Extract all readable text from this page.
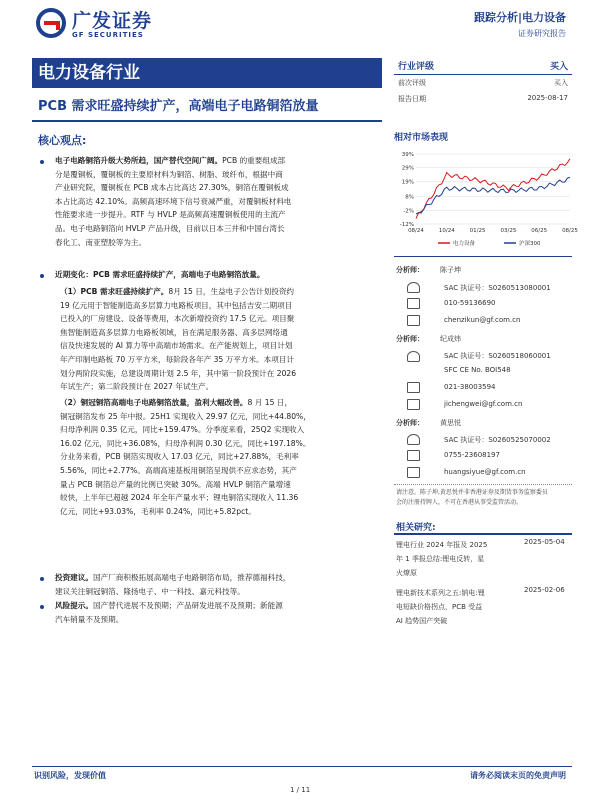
广发证券
GF SECURITIES
跟踪分析|电力设备
证券研究报告
电力设备行业
PCB 需求旺盛持续扩产，高端电子电路铜箔放量
行业评级	买入
前次评级	买入
报告日期	2025-08-17
核心观点:
电子电路铜箔升级大势所趋，国产替代空间广阔。PCB 的重要组成部
分是覆铜板，覆铜板的主要原材料为铜箔、树脂、玻纤布，根据中商
产业研究院，覆铜板在 PCB 成本占比高达 27.30%，铜箔在覆铜板成
本占比高达 42.10%。高频高速环境下信号衰减严重，对覆铜板材料电
性能要求进一步提升。RTF 与 HVLP 是高频高速覆铜板使用的主流产
品。电子电路铜箔向 HVLP 产品升级，目前以日本三井和中国台湾长
春化工、南亚塑胶等为主。
近期变化：PCB 需求旺盛持续扩产，高端电子电路铜箔放量。
（1）PCB 需求旺盛持续扩产。8月 15 日，生益电子公告计划投资约
19 亿元用于智能制造高多层算力电路板项目，其中包括吉安二期项目
已投入的厂房建设、设备等费用，本次新增投资约 17.5 亿元。项目聚
焦智能制造高多层算力电路板领域，旨在满足服务器、高多层网络通
信及快速发展的 AI 算力等中高端市场需求。在产能规划上，项目计划
年产印制电路板 70 万平方米，每阶段各年产 35 万平方米。本项目计
划分两阶段实施，总建设周期计划 2.5 年，其中第一阶段预计在 2026
年试生产；第二阶段预计在 2027 年试生产。
（2）铜冠铜箔高端电子电路铜箔放量，盈利大幅改善。8 月 15 日，
铜冠铜箔发布 25 年中报。25H1 实现收入 29.97 亿元，同比+44.80%，
归母净利润 0.35 亿元，同比+159.47%。分季度来看，25Q2 实现收入
16.02 亿元，同比+36.08%，归母净利润 0.30 亿元，同比+197.18%。
分业务来看，PCB 铜箔实现收入 17.03 亿元，同比+27.88%，毛利率
5.56%，同比+2.77%。高端高速基板用铜箔呈现供不应求态势，其产
量占 PCB 铜箔总产量的比例已突破 30%。高端 HVLP 铜箔产量增速
较快，上半年已超越 2024 年全年产量水平；锂电铜箔实现收入 11.36
亿元，同比+93.03%，毛利率 0.24%，同比+5.82pct。
投资建议。国产厂商积极拓展高端电子电路铜箔布局，推荐德福科技，
建议关注铜冠铜箔、隆扬电子、中一科技、嘉元科技等。
风险提示。国产替代进展不及预期；产品研发进展不及预期；新能源
汽车销量不及预期。
相对市场表现
39%
29%
19%
8%
-2%
-12%
08/24	10/24	01/25	03/25	06/25	08/25
电力设备	沪深300
分析师： 陈子坤
SAC 执证号：S0260513080001
010-59136690
chenzikun@gf.com.cn
分析师： 纪成炜
SAC 执证号：S0260518060001
SFC CE No. BOI548
021-38003594
jichengwei@gf.com.cn
分析师： 黄思悦
SAC 执证号：S0260525070002
0755-23608197
huangsiyue@gf.com.cn
请注意，陈子坤,黄思悦并非香港证券及期货事务监察委员
会的注册持牌人，不可在香港从事受监管活动。
相关研究:
锂电行业 2024 年报及 2025
年 1 季报总结:锂电反转，星
火燎原
2025-05-04
锂电新技术系列之五:钠电:锂
电短缺价格拐点，PCB 受益
AI 趋势国产突破
2025-02-06
识别风险，发现价值
1 / 11
请务必阅读末页的免责声明
